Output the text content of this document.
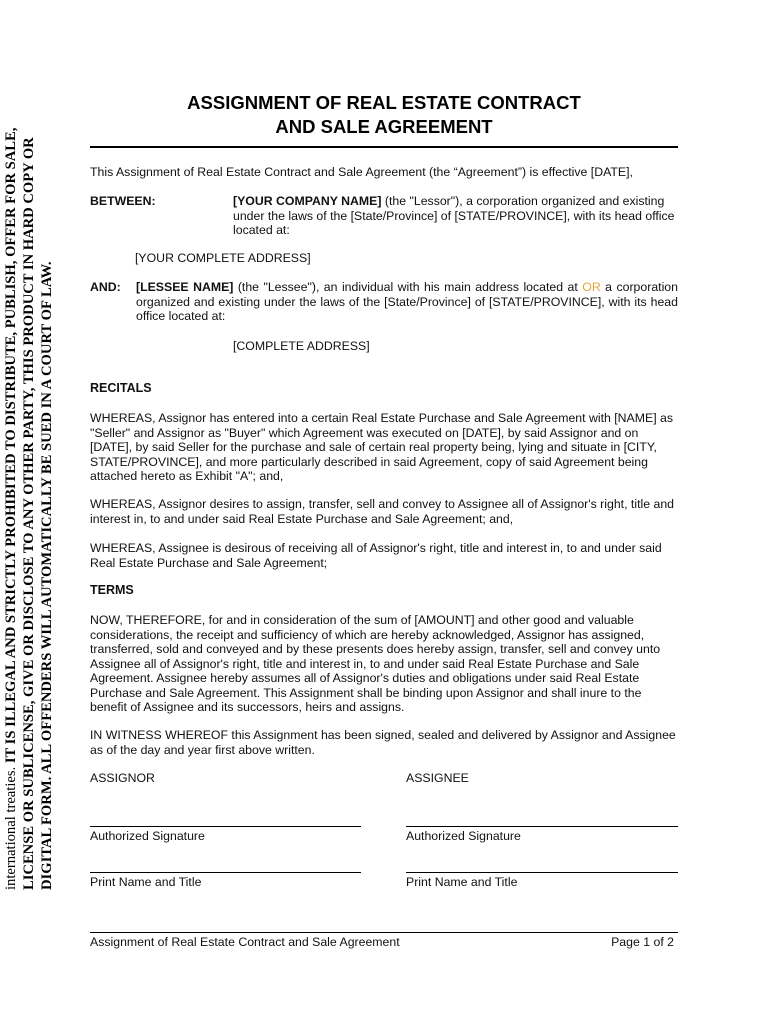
international treaties. IT IS ILLEGAL AND STRICTLY PROHIBITED TO DISTRIBUTE, PUBLISH, OFFER FOR SALE, LICENSE OR SUBLICENSE, GIVE OR DISCLOSE TO ANY OTHER PARTY, THIS PRODUCT IN HARD COPY OR DIGITAL FORM. ALL OFFENDERS WILL AUTOMATICALLY BE SUED IN A COURT OF LAW.
ASSIGNMENT OF REAL ESTATE CONTRACT
AND SALE AGREEMENT
This Assignment of Real Estate Contract and Sale Agreement (the “Agreement”) is effective [DATE],
BETWEEN:	[YOUR COMPANY NAME] (the "Lessor"), a corporation organized and existing under the laws of the [State/Province] of [STATE/PROVINCE], with its head office located at:
[YOUR COMPLETE ADDRESS]
AND: [LESSEE NAME] (the "Lessee"), an individual with his main address located at OR a corporation organized and existing under the laws of the [State/Province] of [STATE/PROVINCE], with its head office located at:
[COMPLETE ADDRESS]
RECITALS
WHEREAS, Assignor has entered into a certain Real Estate Purchase and Sale Agreement with [NAME] as "Seller" and Assignor as "Buyer" which Agreement was executed on [DATE], by said Assignor and on [DATE], by said Seller for the purchase and sale of certain real property being, lying and situate in [CITY, STATE/PROVINCE], and more particularly described in said Agreement, copy of said Agreement being attached hereto as Exhibit "A"; and,
WHEREAS, Assignor desires to assign, transfer, sell and convey to Assignee all of Assignor's right, title and interest in, to and under said Real Estate Purchase and Sale Agreement; and,
WHEREAS, Assignee is desirous of receiving all of Assignor's right, title and interest in, to and under said Real Estate Purchase and Sale Agreement;
TERMS
NOW, THEREFORE, for and in consideration of the sum of [AMOUNT] and other good and valuable considerations, the receipt and sufficiency of which are hereby acknowledged, Assignor has assigned, transferred, sold and conveyed and by these presents does hereby assign, transfer, sell and convey unto Assignee all of Assignor's right, title and interest in, to and under said Real Estate Purchase and Sale Agreement. Assignee hereby assumes all of Assignor's duties and obligations under said Real Estate Purchase and Sale Agreement. This Assignment shall be binding upon Assignor and shall inure to the benefit of Assignee and its successors, heirs and assigns.
IN WITNESS WHEREOF this Assignment has been signed, sealed and delivered by Assignor and Assignee as of the day and year first above written.
ASSIGNOR	ASSIGNEE
Authorized Signature	Authorized Signature
Print Name and Title	Print Name and Title
Assignment of Real Estate Contract and Sale Agreement	Page 1 of 2
